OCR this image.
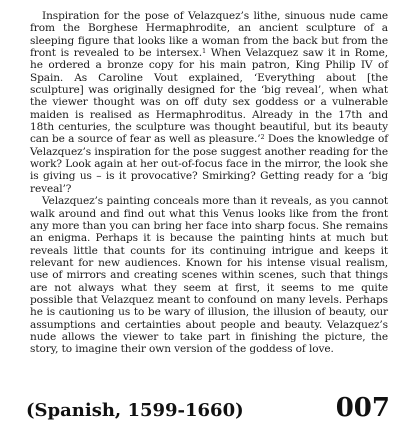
Inspiration for the pose of Velazquez’s lithe, sinuous nude came from the Borghese Hermaphrodite, an ancient sculpture of a sleeping figure that looks like a woman from the back but from the front is revealed to be intersex.$^1$ When Velazquez saw it in Rome, he ordered a bronze copy for his main patron, King Philip IV of Spain. As Caroline Vout explained, ‘Everything about [the sculpture] was originally designed for the ‘big reveal’, when what the viewer thought was on off duty sex goddess or a vulnerable maiden is realised as Hermaphroditus. Already in the 17th and 18th centuries, the sculpture was thought beautiful, but its beauty can be a source of fear as well as pleasure.’$^2$ Does the knowledge of Velazquez’s inspiration for the pose suggest another reading for the work? Look again at her out-of-focus face in the mirror, the look she is giving us – is it provocative? Smirking? Getting ready for a ‘big reveal’?

Velazquez’s painting conceals more than it reveals, as you cannot walk around and find out what this Venus looks like from the front any more than you can bring her face into sharp focus. She remains an enigma. Perhaps it is because the painting hints at much but reveals little that counts for its continuing intrigue and keeps it relevant for new audiences. Known for his intense visual realism, use of mirrors and creating scenes within scenes, such that things are not always what they seem at first, it seems to me quite possible that Velazquez meant to confound on many levels. Perhaps he is cautioning us to be wary of illusion, the illusion of beauty, our assumptions and certainties about people and beauty. Velazquez’s nude allows the viewer to take part in finishing the picture, the story, to imagine their own version of the goddess of love.

(Spanish, 1599-1660)	007
